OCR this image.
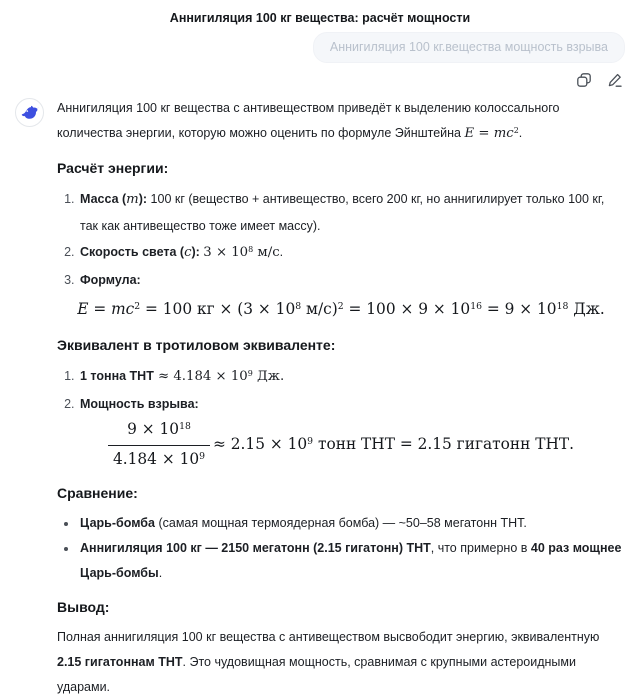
Аннигиляция 100 кг вещества: расчёт мощности
Аннигиляция 100 кг.вещества мощность взрыва

Аннигиляция 100 кг вещества с антивеществом приведёт к выделению колоссального количества энергии, которую можно оценить по формуле Эйнштейна $E = mc^2$.

Расчёт энергии:
1. Масса (m): 100 кг (вещество + антивещество, всего 200 кг, но аннигилирует только 100 кг, так как антивещество тоже имеет массу).
2. Скорость света (c): $3 \times 10^8$ м/с.
3. Формула:
$E = mc^2 = 100$ кг × ($3 \times 10^8$ $м/с)^2 = 100 \times 9 \times 10^{16} = 9 \times 10^{18}$ Дж.
Эквивалент в тротиловом эквиваленте:
1. 1 тонна ТНТ ≈ $4.184 \times 10^9$ Дж.
2. Мощность взрыва:
$\frac{9 \times 10^{18}}{4.184 \times 10^9} \approx 2.15 \times 10^9$ тонн ТНТ = 2.15 гигатонн ТНТ.
Сравнение:
• Царь-бомба (самая мощная термоядерная бомба) — ~50–58 мегатонн ТНТ.
• Аннигиляция 100 кг — 2150 мегатонн (2.15 гигатонн) ТНТ, что примерно в 40 раз мощнее Царь-бомбы.
Вывод:

Полная аннигиляция 100 кг вещества с антивеществом высвободит энергию, эквивалентную 2.15 гигатоннам ТНТ. Это чудовищная мощность, сравнимая с крупными астероидными ударами.
